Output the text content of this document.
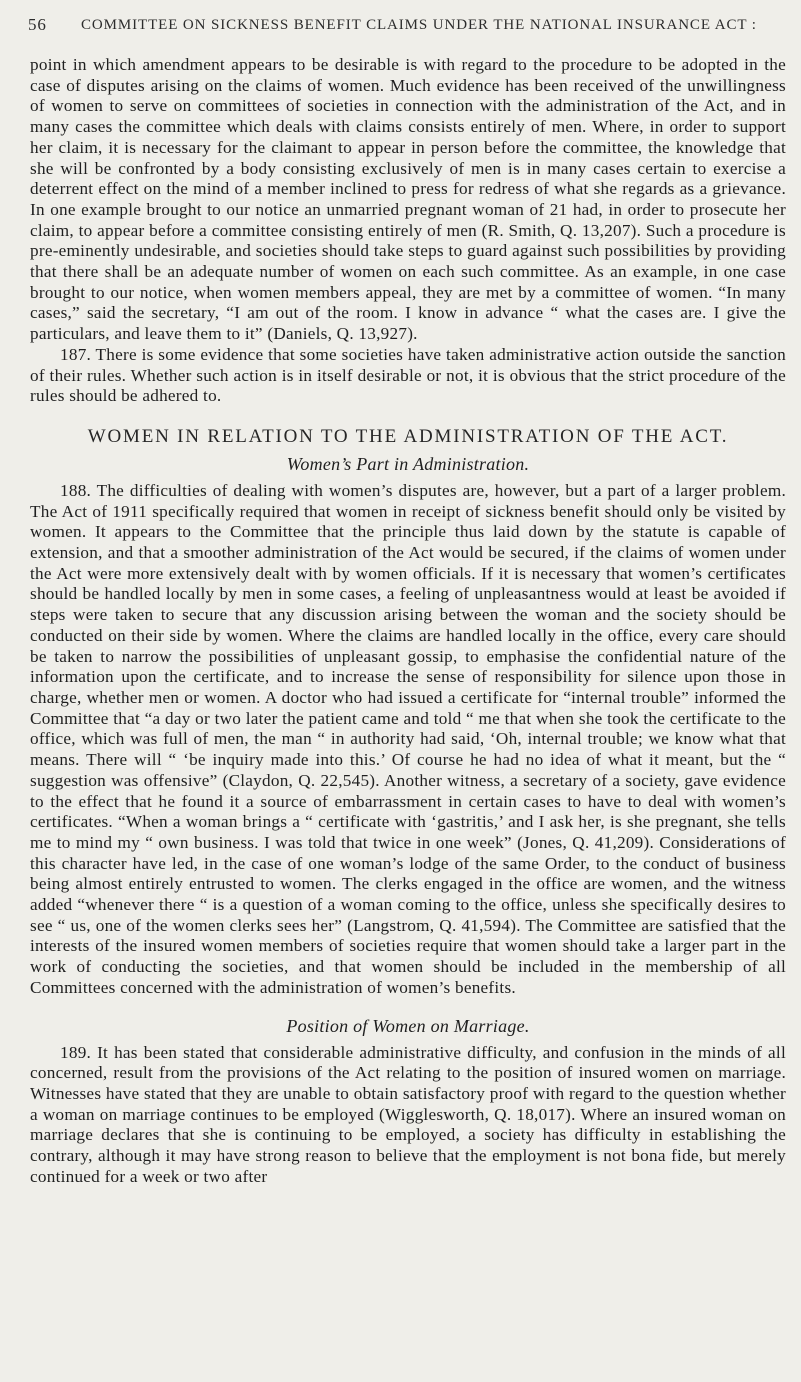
56 COMMITTEE ON SICKNESS BENEFIT CLAIMS UNDER THE NATIONAL INSURANCE ACT :

point in which amendment appears to be desirable is with regard to the procedure to be adopted in the case of disputes arising on the claims of women. Much evidence has been received of the unwillingness of women to serve on committees of societies in connection with the administration of the Act, and in many cases the committee which deals with claims consists entirely of men. Where, in order to support her claim, it is necessary for the claimant to appear in person before the committee, the knowledge that she will be confronted by a body consisting exclusively of men is in many cases certain to exercise a deterrent effect on the mind of a member inclined to press for redress of what she regards as a grievance. In one example brought to our notice an unmarried pregnant woman of 21 had, in order to prosecute her claim, to appear before a committee consisting entirely of men (R. Smith, Q. 13,207). Such a procedure is pre-eminently undesirable, and societies should take steps to guard against such possibilities by providing that there shall be an adequate number of women on each such committee. As an example, in one case brought to our notice, when women members appeal, they are met by a committee of women. “In many cases,” said the secretary, “I am out of the room. I know in advance “ what the cases are. I give the particulars, and leave them to it” (Daniels, Q. 13,927).

187. There is some evidence that some societies have taken administrative action outside the sanction of their rules. Whether such action is in itself desirable or not, it is obvious that the strict procedure of the rules should be adhered to.

WOMEN IN RELATION TO THE ADMINISTRATION OF THE ACT.
Women’s Part in Administration.

188. The difficulties of dealing with women’s disputes are, however, but a part of a larger problem. The Act of 1911 specifically required that women in receipt of sickness benefit should only be visited by women. It appears to the Committee that the principle thus laid down by the statute is capable of extension, and that a smoother administration of the Act would be secured, if the claims of women under the Act were more extensively dealt with by women officials. If it is necessary that women’s certificates should be handled locally by men in some cases, a feeling of unpleasantness would at least be avoided if steps were taken to secure that any discussion arising between the woman and the society should be conducted on their side by women. Where the claims are handled locally in the office, every care should be taken to narrow the possibilities of unpleasant gossip, to emphasise the confidential nature of the information upon the certificate, and to increase the sense of responsibility for silence upon those in charge, whether men or women. A doctor who had issued a certificate for “internal trouble” informed the Committee that “a day or two later the patient came and told “ me that when she took the certificate to the office, which was full of men, the man “ in authority had said, ‘Oh, internal trouble; we know what that means. There will “ ‘be inquiry made into this.’ Of course he had no idea of what it meant, but the “ suggestion was offensive” (Claydon, Q. 22,545). Another witness, a secretary of a society, gave evidence to the effect that he found it a source of embarrassment in certain cases to have to deal with women’s certificates. “When a woman brings a “ certificate with ‘gastritis,’ and I ask her, is she pregnant, she tells me to mind my “ own business. I was told that twice in one week” (Jones, Q. 41,209). Considerations of this character have led, in the case of one woman’s lodge of the same Order, to the conduct of business being almost entirely entrusted to women. The clerks engaged in the office are women, and the witness added “whenever there “ is a question of a woman coming to the office, unless she specifically desires to see “ us, one of the women clerks sees her” (Langstrom, Q. 41,594). The Committee are satisfied that the interests of the insured women members of societies require that women should take a larger part in the work of conducting the societies, and that women should be included in the membership of all Committees concerned with the administration of women’s benefits.

Position of Women on Marriage.

189. It has been stated that considerable administrative difficulty, and confusion in the minds of all concerned, result from the provisions of the Act relating to the position of insured women on marriage. Witnesses have stated that they are unable to obtain satisfactory proof with regard to the question whether a woman on marriage continues to be employed (Wigglesworth, Q. 18,017). Where an insured woman on marriage declares that she is continuing to be employed, a society has difficulty in establishing the contrary, although it may have strong reason to believe that the employment is not bona fide, but merely continued for a week or two after
